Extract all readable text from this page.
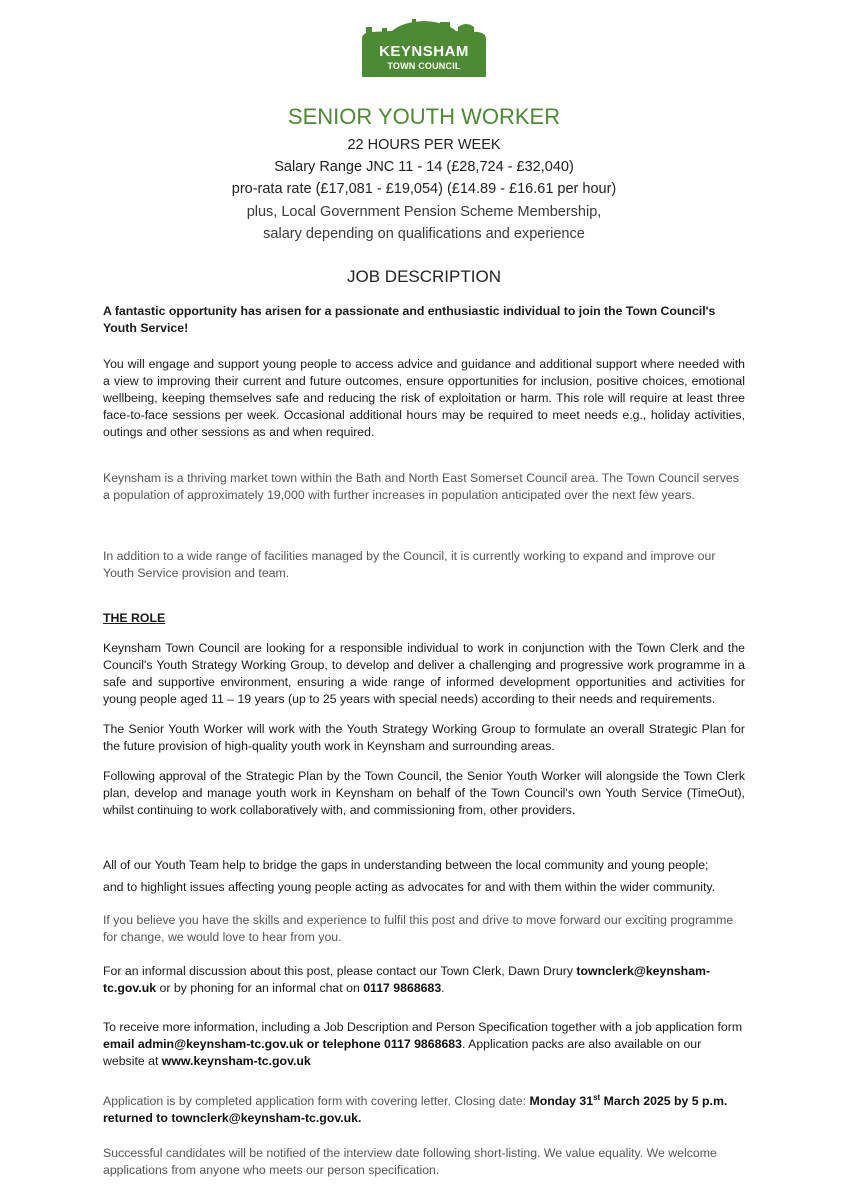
KEYNSHAM
TOWN COUNCIL
SENIOR YOUTH WORKER
22 HOURS PER WEEK
Salary Range JNC 11 - 14 (£28,724 - £32,040)
pro-rata rate (£17,081 - £19,054) (£14.89 - £16.61 per hour)
plus, Local Government Pension Scheme Membership,
salary depending on qualifications and experience
JOB DESCRIPTION
A fantastic opportunity has arisen for a passionate and enthusiastic individual to join the Town Council's Youth Service!
You will engage and support young people to access advice and guidance and additional support where needed with a view to improving their current and future outcomes, ensure opportunities for inclusion, positive choices, emotional wellbeing, keeping themselves safe and reducing the risk of exploitation or harm. This role will require at least three face-to-face sessions per week. Occasional additional hours may be required to meet needs e.g., holiday activities, outings and other sessions as and when required.
Keynsham is a thriving market town within the Bath and North East Somerset Council area. The Town Council serves a population of approximately 19,000 with further increases in population anticipated over the next few years.
In addition to a wide range of facilities managed by the Council, it is currently working to expand and improve our Youth Service provision and team.
THE ROLE
Keynsham Town Council are looking for a responsible individual to work in conjunction with the Town Clerk and the Council's Youth Strategy Working Group, to develop and deliver a challenging and progressive work programme in a safe and supportive environment, ensuring a wide range of informed development opportunities and activities for young people aged 11 – 19 years (up to 25 years with special needs) according to their needs and requirements.
The Senior Youth Worker will work with the Youth Strategy Working Group to formulate an overall Strategic Plan for the future provision of high-quality youth work in Keynsham and surrounding areas.
Following approval of the Strategic Plan by the Town Council, the Senior Youth Worker will alongside the Town Clerk plan, develop and manage youth work in Keynsham on behalf of the Town Council's own Youth Service (TimeOut), whilst continuing to work collaboratively with, and commissioning from, other providers.
All of our Youth Team help to bridge the gaps in understanding between the local community and young people;
and to highlight issues affecting young people acting as advocates for and with them within the wider community.
If you believe you have the skills and experience to fulfil this post and drive to move forward our exciting programme for change, we would love to hear from you.
For an informal discussion about this post, please contact our Town Clerk, Dawn Drury townclerk@keynsham-tc.gov.uk or by phoning for an informal chat on 0117 9868683.
To receive more information, including a Job Description and Person Specification together with a job application form email admin@keynsham-tc.gov.uk or telephone 0117 9868683. Application packs are also available on our website at www.keynsham-tc.gov.uk
Application is by completed application form with covering letter. Closing date: Monday 31st March 2025 by 5 p.m. returned to townclerk@keynsham-tc.gov.uk.
Successful candidates will be notified of the interview date following short-listing. We value equality. We welcome applications from anyone who meets our person specification.
